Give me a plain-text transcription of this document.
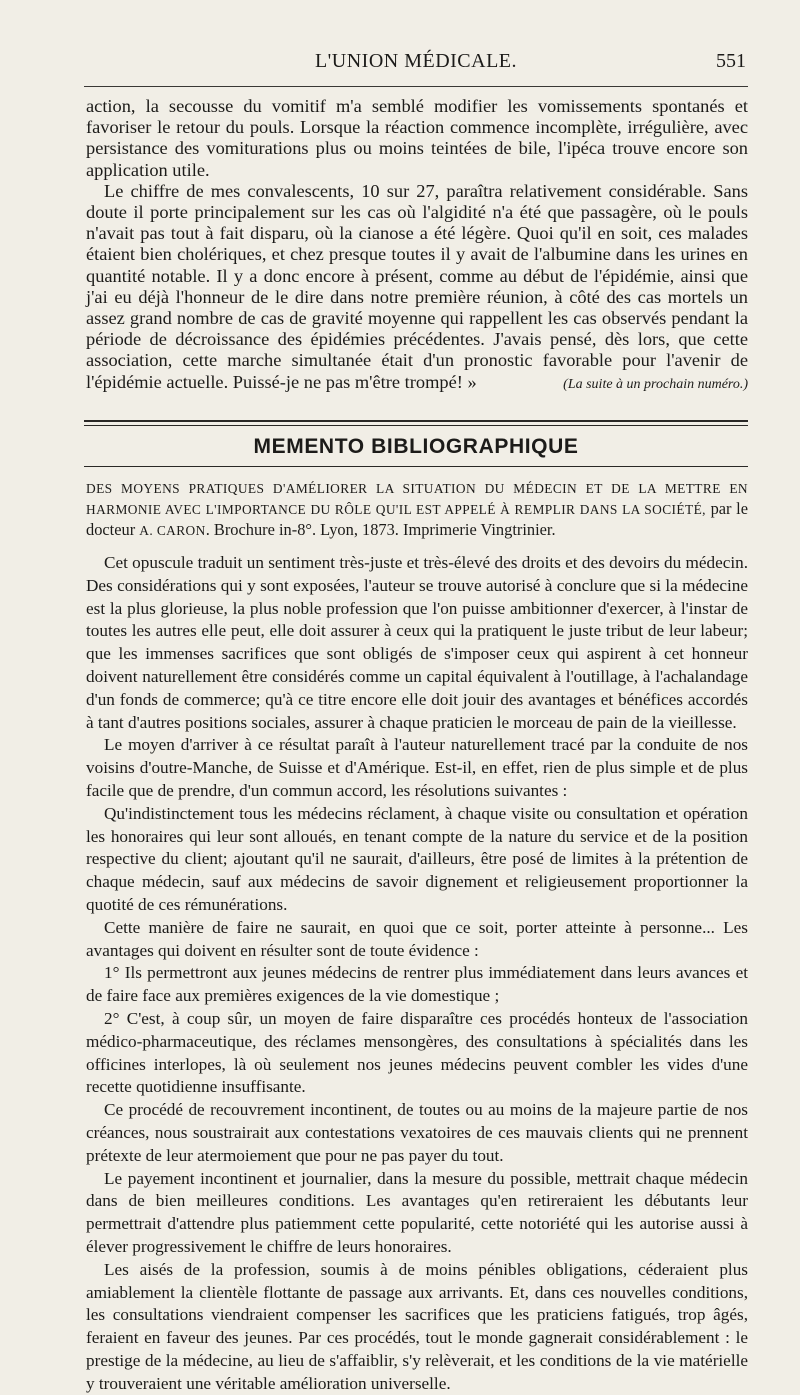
L'UNION MÉDICALE.	551

action, la secousse du vomitif m'a semblé modifier les vomissements spontanés et favoriser le retour du pouls. Lorsque la réaction commence incomplète, irrégulière, avec persistance des vomiturations plus ou moins teintées de bile, l'ipéca trouve encore son application utile.

Le chiffre de mes convalescents, 10 sur 27, paraîtra relativement considérable. Sans doute il porte principalement sur les cas où l'algidité n'a été que passagère, où le pouls n'avait pas tout à fait disparu, où la cianose a été légère. Quoi qu'il en soit, ces malades étaient bien cholériques, et chez presque toutes il y avait de l'albumine dans les urines en quantité notable. Il y a donc encore à présent, comme au début de l'épidémie, ainsi que j'ai eu déjà l'honneur de le dire dans notre première réunion, à côté des cas mortels un assez grand nombre de cas de gravité moyenne qui rappellent les cas observés pendant la période de décroissance des épidémies précédentes. J'avais pensé, dès lors, que cette association, cette marche simultanée était d'un pronostic favorable pour l'avenir de l'épidémie actuelle. Puissé-je ne pas m'être trompé! »	(La suite à un prochain numéro.)

MEMENTO BIBLIOGRAPHIQUE
DES MOYENS PRATIQUES D'AMÉLIORER LA SITUATION DU MÉDECIN ET DE LA METTRE EN HARMONIE AVEC L'IMPORTANCE DU RÔLE QU'IL EST APPELÉ À REMPLIR DANS LA SOCIÉTÉ, par le docteur A. CARON. Brochure in-8°. Lyon, 1873. Imprimerie Vingtrinier.

Cet opuscule traduit un sentiment très-juste et très-élevé des droits et des devoirs du médecin. Des considérations qui y sont exposées, l'auteur se trouve autorisé à conclure que si la médecine est la plus glorieuse, la plus noble profession que l'on puisse ambitionner d'exercer, à l'instar de toutes les autres elle peut, elle doit assurer à ceux qui la pratiquent le juste tribut de leur labeur; que les immenses sacrifices que sont obligés de s'imposer ceux qui aspirent à cet honneur doivent naturellement être considérés comme un capital équivalent à l'outillage, à l'achalandage d'un fonds de commerce; qu'à ce titre encore elle doit jouir des avantages et bénéfices accordés à tant d'autres positions sociales, assurer à chaque praticien le morceau de pain de la vieillesse.

Le moyen d'arriver à ce résultat paraît à l'auteur naturellement tracé par la conduite de nos voisins d'outre-Manche, de Suisse et d'Amérique. Est-il, en effet, rien de plus simple et de plus facile que de prendre, d'un commun accord, les résolutions suivantes :

Qu'indistinctement tous les médecins réclament, à chaque visite ou consultation et opération les honoraires qui leur sont alloués, en tenant compte de la nature du service et de la position respective du client; ajoutant qu'il ne saurait, d'ailleurs, être posé de limites à la prétention de chaque médecin, sauf aux médecins de savoir dignement et religieusement proportionner la quotité de ces rémunérations.

Cette manière de faire ne saurait, en quoi que ce soit, porter atteinte à personne... Les avantages qui doivent en résulter sont de toute évidence :

1° Ils permettront aux jeunes médecins de rentrer plus immédiatement dans leurs avances et de faire face aux premières exigences de la vie domestique ;

2° C'est, à coup sûr, un moyen de faire disparaître ces procédés honteux de l'association médico-pharmaceutique, des réclames mensongères, des consultations à spécialités dans les officines interlopes, là où seulement nos jeunes médecins peuvent combler les vides d'une recette quotidienne insuffisante.

Ce procédé de recouvrement incontinent, de toutes ou au moins de la majeure partie de nos créances, nous soustrairait aux contestations vexatoires de ces mauvais clients qui ne prennent prétexte de leur atermoiement que pour ne pas payer du tout.

Le payement incontinent et journalier, dans la mesure du possible, mettrait chaque médecin dans de bien meilleures conditions. Les avantages qu'en retireraient les débutants leur permettrait d'attendre plus patiemment cette popularité, cette notoriété qui les autorise aussi à élever progressivement le chiffre de leurs honoraires.

Les aisés de la profession, soumis à de moins pénibles obligations, céderaient plus amiablement la clientèle flottante de passage aux arrivants. Et, dans ces nouvelles conditions, les consultations viendraient compenser les sacrifices que les praticiens fatigués, trop âgés, feraient en faveur des jeunes. Par ces procédés, tout le monde gagnerait considérablement : le prestige de la médecine, au lieu de s'affaiblir, s'y relèverait, et les conditions de la vie matérielle y trouveraient une véritable amélioration universelle.
